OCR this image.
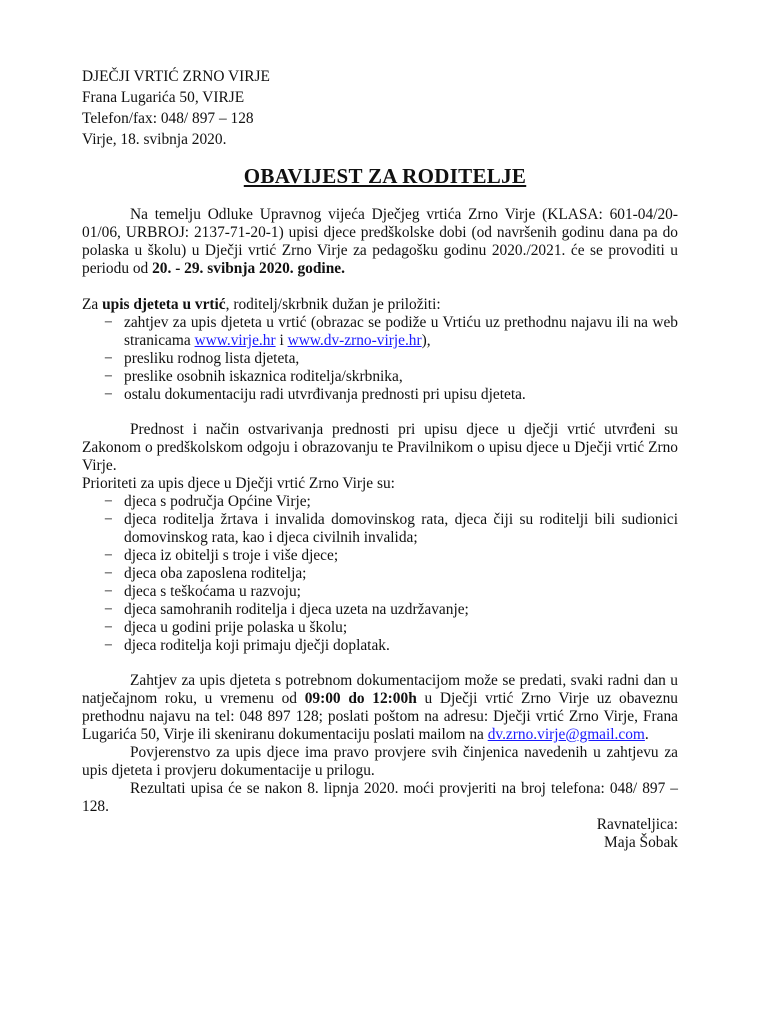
DJEČJI VRTIĆ ZRNO VIRJE
Frana Lugarića 50, VIRJE
Telefon/fax: 048/ 897 – 128
Virje, 18. svibnja 2020.
OBAVIJEST ZA RODITELJE

Na temelju Odluke Upravnog vijeća Dječjeg vrtića Zrno Virje (KLASA: 601-04/20-01/06, URBROJ: 2137-71-20-1) upisi djece predškolske dobi (od navršenih godinu dana pa do polaska u školu) u Dječji vrtić Zrno Virje za pedagošku godinu 2020./2021. će se provoditi u periodu od 20. - 29. svibnja 2020. godine.

Za upis djeteta u vrtić, roditelj/skrbnik dužan je priložiti:

− zahtjev za upis djeteta u vrtić (obrazac se podiže u Vrtiću uz prethodnu najavu ili na web stranicama www.virje.hr i www.dv-zrno-virje.hr),
− presliku rodnog lista djeteta,
− preslike osobnih iskaznica roditelja/skrbnika,
− ostalu dokumentaciju radi utvrđivanja prednosti pri upisu djeteta.

Prednost i način ostvarivanja prednosti pri upisu djece u dječji vrtić utvrđeni su Zakonom o predškolskom odgoju i obrazovanju te Pravilnikom o upisu djece u Dječji vrtić Zrno Virje.

Prioriteti za upis djece u Dječji vrtić Zrno Virje su:

− djeca s područja Općine Virje;
− djeca roditelja žrtava i invalida domovinskog rata, djeca čiji su roditelji bili sudionici domovinskog rata, kao i djeca civilnih invalida;
− djeca iz obitelji s troje i više djece;
− djeca oba zaposlena roditelja;
− djeca s teškoćama u razvoju;
− djeca samohranih roditelja i djeca uzeta na uzdržavanje;
− djeca u godini prije polaska u školu;
− djeca roditelja koji primaju dječji doplatak.

Zahtjev za upis djeteta s potrebnom dokumentacijom može se predati, svaki radni dan u natječajnom roku, u vremenu od 09:00 do 12:00h u Dječji vrtić Zrno Virje uz obaveznu prethodnu najavu na tel: 048 897 128; poslati poštom na adresu: Dječji vrtić Zrno Virje, Frana Lugarića 50, Virje ili skeniranu dokumentaciju poslati mailom na dv.zrno.virje@gmail.com.

Povjerenstvo za upis djece ima pravo provjere svih činjenica navedenih u zahtjevu za upis djeteta i provjeru dokumentacije u prilogu.

Rezultati upisa će se nakon 8. lipnja 2020. moći provjeriti na broj telefona: 048/ 897 – 128.

Ravnateljica:
Maja Šobak
